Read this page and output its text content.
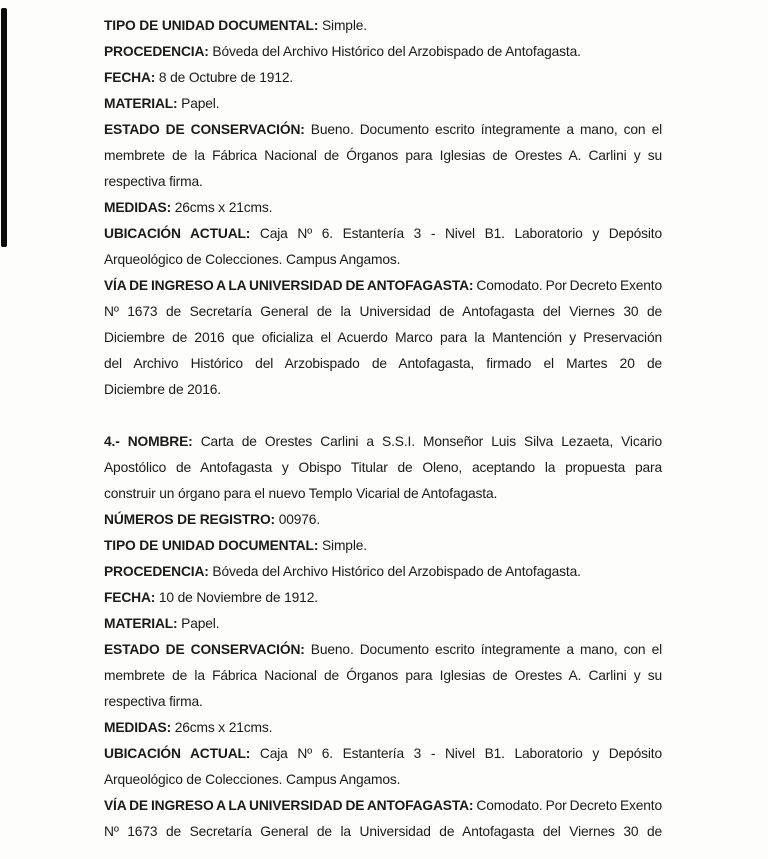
TIPO DE UNIDAD DOCUMENTAL: Simple.
PROCEDENCIA: Bóveda del Archivo Histórico del Arzobispado de Antofagasta.
FECHA: 8 de Octubre de 1912.
MATERIAL: Papel.
ESTADO DE CONSERVACIÓN: Bueno. Documento escrito íntegramente a mano, con el
membrete de la Fábrica Nacional de Órganos para Iglesias de Orestes A. Carlini y su
respectiva firma.
MEDIDAS: 26cms x 21cms.
UBICACIÓN ACTUAL: Caja Nº 6. Estantería 3 - Nivel B1. Laboratorio y Depósito
Arqueológico de Colecciones. Campus Angamos.
VÍA DE INGRESO A LA UNIVERSIDAD DE ANTOFAGASTA: Comodato. Por Decreto Exento
Nº 1673 de Secretaría General de la Universidad de Antofagasta del Viernes 30 de
Diciembre de 2016 que oficializa el Acuerdo Marco para la Mantención y Preservación
del Archivo Histórico del Arzobispado de Antofagasta, firmado el Martes 20 de
Diciembre de 2016.
4.- NOMBRE: Carta de Orestes Carlini a S.S.I. Monseñor Luis Silva Lezaeta, Vicario
Apostólico de Antofagasta y Obispo Titular de Oleno, aceptando la propuesta para
construir un órgano para el nuevo Templo Vicarial de Antofagasta.
NÚMEROS DE REGISTRO: 00976.
TIPO DE UNIDAD DOCUMENTAL: Simple.
PROCEDENCIA: Bóveda del Archivo Histórico del Arzobispado de Antofagasta.
FECHA: 10 de Noviembre de 1912.
MATERIAL: Papel.
ESTADO DE CONSERVACIÓN: Bueno. Documento escrito íntegramente a mano, con el
membrete de la Fábrica Nacional de Órganos para Iglesias de Orestes A. Carlini y su
respectiva firma.
MEDIDAS: 26cms x 21cms.
UBICACIÓN ACTUAL: Caja Nº 6. Estantería 3 - Nivel B1. Laboratorio y Depósito
Arqueológico de Colecciones. Campus Angamos.
VÍA DE INGRESO A LA UNIVERSIDAD DE ANTOFAGASTA: Comodato. Por Decreto Exento
Nº 1673 de Secretaría General de la Universidad de Antofagasta del Viernes 30 de
